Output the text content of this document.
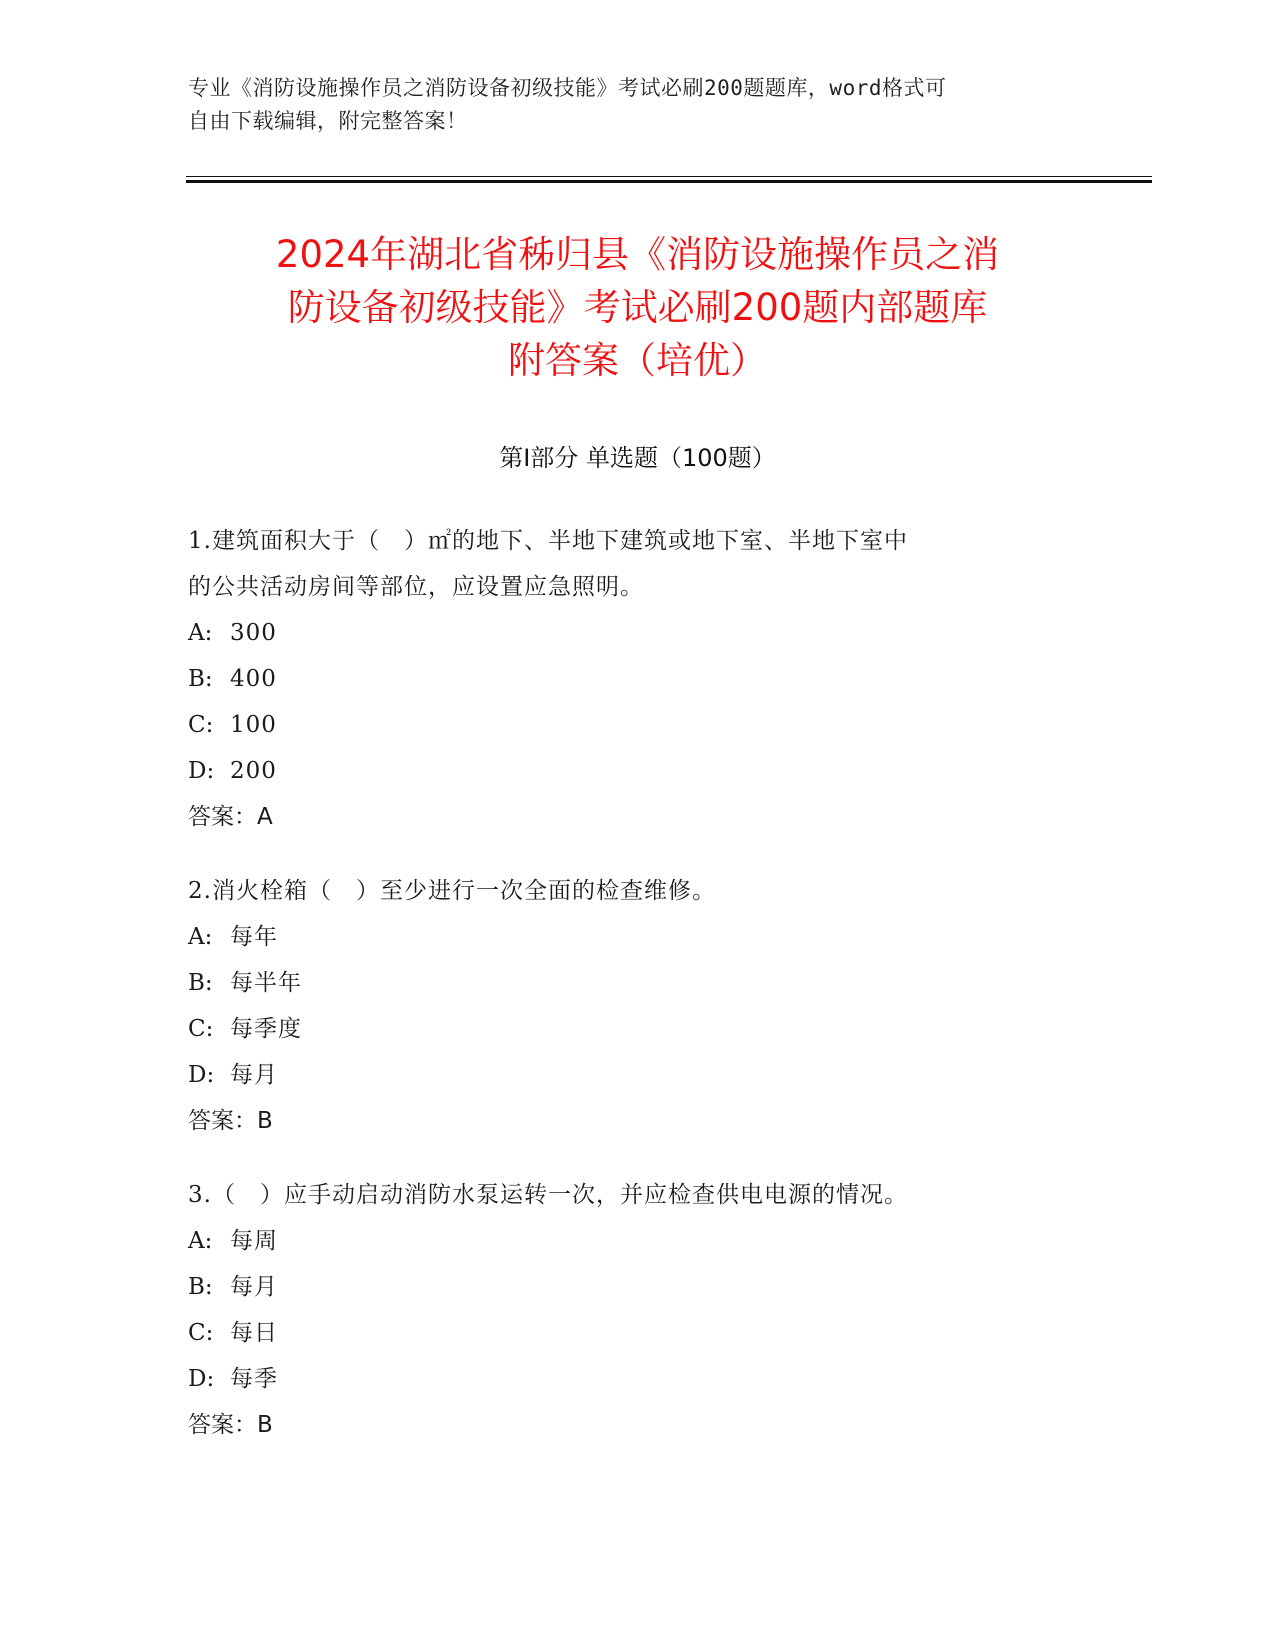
专业《消防设施操作员之消防设备初级技能》考试必刷200题题库，word格式可
自由下载编辑，附完整答案！
2024年湖北省秭归县《消防设施操作员之消
防设备初级技能》考试必刷200题内部题库
附答案（培优）
第Ⅰ部分 单选题（100题）
1.建筑面积大于（　）㎡的地下、半地下建筑或地下室、半地下室中
的公共活动房间等部位，应设置应急照明。
A: 300
B: 400
C: 100
D: 200
答案：A
2.消火栓箱（　）至少进行一次全面的检查维修。
A: 每年
B: 每半年
C: 每季度
D: 每月
答案：B
3.（　）应手动启动消防水泵运转一次，并应检查供电电源的情况。
A: 每周
B: 每月
C: 每日
D: 每季
答案：B
